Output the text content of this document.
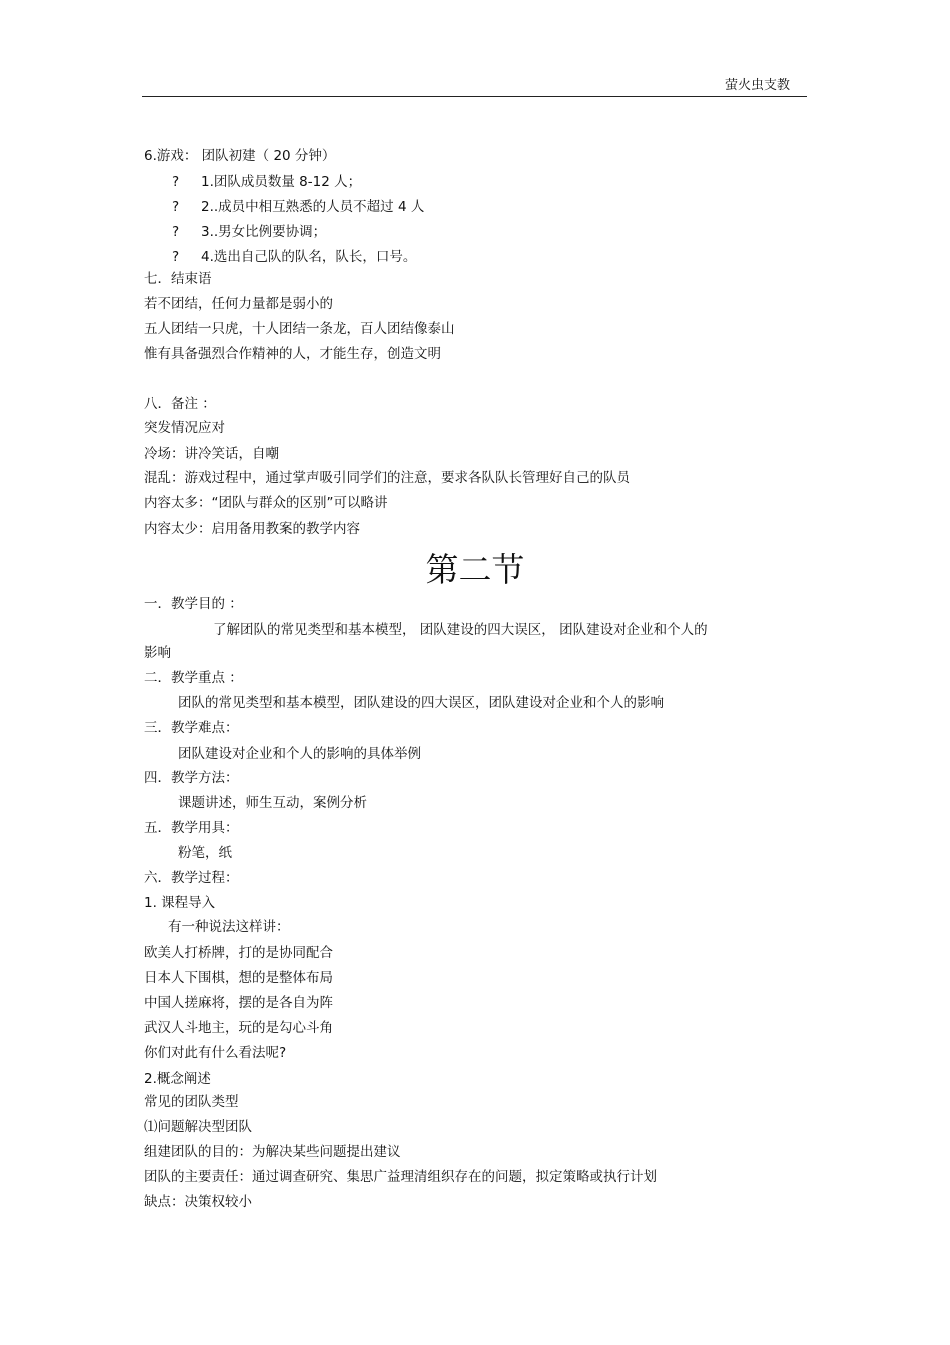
萤火虫支教
6.游戏： 团队初建（ 20 分钟）
? 1.团队成员数量 8-12 人；
? 2..成员中相互熟悉的人员不超过 4 人
? 3..男女比例要协调；
? 4.选出自己队的队名，队长，口号。
七．结束语
若不团结，任何力量都是弱小的
五人团结一只虎，十人团结一条龙，百人团结像泰山
惟有具备强烈合作精神的人，才能生存，创造文明
八．备注 ：
突发情况应对
冷场：讲冷笑话，自嘲
混乱：游戏过程中，通过掌声吸引同学们的注意，要求各队队长管理好自己的队员
内容太多：“团队与群众的区别”可以略讲
内容太少：启用备用教案的教学内容
第二节
一．教学目的 ：
了解团队的常见类型和基本模型， 团队建设的四大误区， 团队建设对企业和个人的
影响
二．教学重点 ：
团队的常见类型和基本模型，团队建设的四大误区，团队建设对企业和个人的影响
三．教学难点：
团队建设对企业和个人的影响的具体举例
四．教学方法：
课题讲述，师生互动，案例分析
五．教学用具：
粉笔，纸
六．教学过程：
1. 课程导入
有一种说法这样讲：
欧美人打桥牌，打的是协同配合
日本人下围棋，想的是整体布局
中国人搓麻将，摆的是各自为阵
武汉人斗地主，玩的是勾心斗角
你们对此有什么看法呢?
2.概念阐述
常见的团队类型
⑴问题解决型团队
组建团队的目的：为解决某些问题提出建议
团队的主要责任：通过调查研究、集思广益理清组织存在的问题，拟定策略或执行计划
缺点：决策权较小
